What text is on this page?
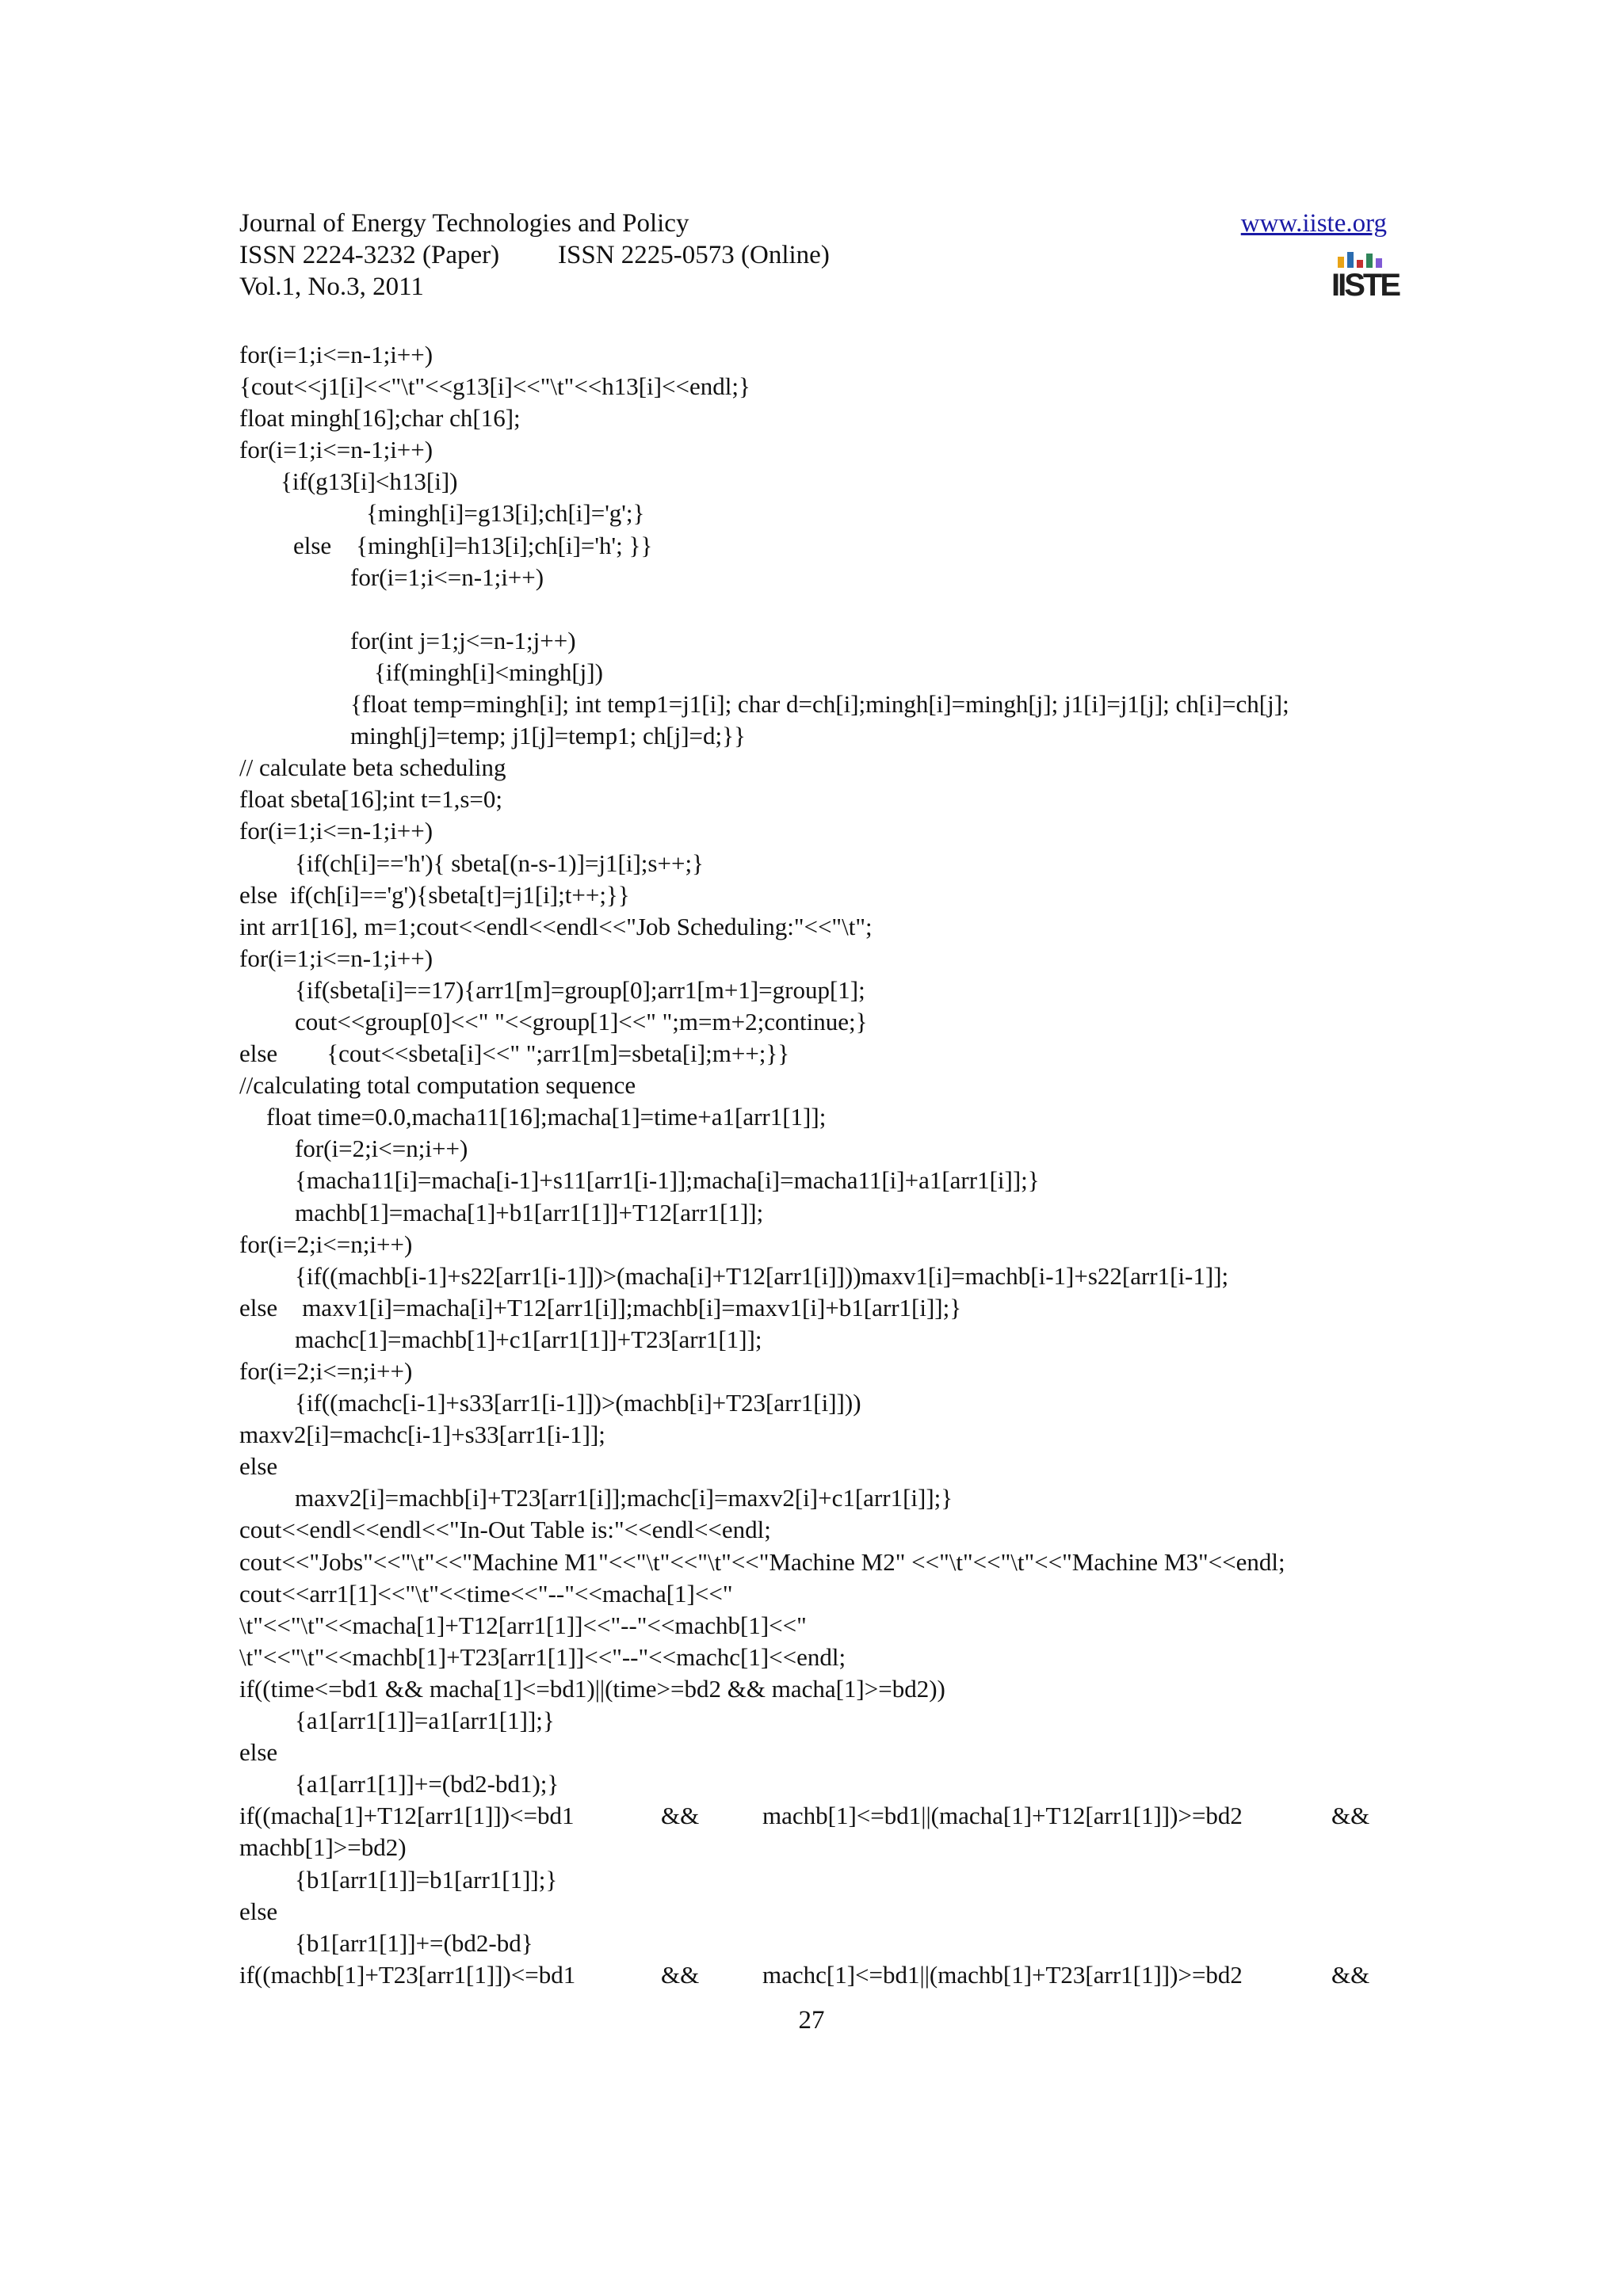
Journal of Energy Technologies and Policy
ISSN 2224-3232 (Paper) ISSN 2225-0573 (Online)
Vol.1, No.3, 2011
www.iiste.org
IISTE
for(i=1;i<=n-1;i++)
{cout<<j1[i]<<"\t"<<g13[i]<<"\t"<<h13[i]<<endl;}
float mingh[16];char ch[16];
for(i=1;i<=n-1;i++)
{if(g13[i]<h13[i])
{mingh[i]=g13[i];ch[i]='g';}
else    {mingh[i]=h13[i];ch[i]='h'; }}
for(i=1;i<=n-1;i++)
for(int j=1;j<=n-1;j++)
{if(mingh[i]<mingh[j])
{float temp=mingh[i]; int temp1=j1[i]; char d=ch[i];mingh[i]=mingh[j]; j1[i]=j1[j]; ch[i]=ch[j];
mingh[j]=temp; j1[j]=temp1; ch[j]=d;}}
// calculate beta scheduling
float sbeta[16];int t=1,s=0;
for(i=1;i<=n-1;i++)
{if(ch[i]=='h'){ sbeta[(n-s-1)]=j1[i];s++;}
else  if(ch[i]=='g'){sbeta[t]=j1[i];t++;}}
int arr1[16], m=1;cout<<endl<<endl<<"Job Scheduling:"<<"\t";
for(i=1;i<=n-1;i++)
{if(sbeta[i]==17){arr1[m]=group[0];arr1[m+1]=group[1];
cout<<group[0]<<" "<<group[1]<<" ";m=m+2;continue;}
else        {cout<<sbeta[i]<<" ";arr1[m]=sbeta[i];m++;}}
//calculating total computation sequence
float time=0.0,macha11[16];macha[1]=time+a1[arr1[1]];
for(i=2;i<=n;i++)
{macha11[i]=macha[i-1]+s11[arr1[i-1]];macha[i]=macha11[i]+a1[arr1[i]];}
machb[1]=macha[1]+b1[arr1[1]]+T12[arr1[1]];
for(i=2;i<=n;i++)
{if((machb[i-1]+s22[arr1[i-1]])>(macha[i]+T12[arr1[i]]))maxv1[i]=machb[i-1]+s22[arr1[i-1]];
else    maxv1[i]=macha[i]+T12[arr1[i]];machb[i]=maxv1[i]+b1[arr1[i]];}
machc[1]=machb[1]+c1[arr1[1]]+T23[arr1[1]];
for(i=2;i<=n;i++)
{if((machc[i-1]+s33[arr1[i-1]])>(machb[i]+T23[arr1[i]]))
maxv2[i]=machc[i-1]+s33[arr1[i-1]];
else
maxv2[i]=machb[i]+T23[arr1[i]];machc[i]=maxv2[i]+c1[arr1[i]];}
cout<<endl<<endl<<"In-Out Table is:"<<endl<<endl;
cout<<"Jobs"<<"\t"<<"Machine M1"<<"\t"<<"\t"<<"Machine M2" <<"\t"<<"\t"<<"Machine M3"<<endl;
cout<<arr1[1]<<"\t"<<time<<"--"<<macha[1]<<"
\t"<<"\t"<<macha[1]+T12[arr1[1]]<<"--"<<machb[1]<<"
\t"<<"\t"<<machb[1]+T23[arr1[1]]<<"--"<<machc[1]<<endl;
if((time<=bd1 && macha[1]<=bd1)||(time>=bd2 && macha[1]>=bd2))
{a1[arr1[1]]=a1[arr1[1]];}
else
{a1[arr1[1]]+=(bd2-bd1);}
if((macha[1]+T12[arr1[1]])<=bd1	&&	machb[1]<=bd1||(macha[1]+T12[arr1[1]])>=bd2	&&
machb[1]>=bd2)
{b1[arr1[1]]=b1[arr1[1]];}
else
{b1[arr1[1]]+=(bd2-bd}
if((machb[1]+T23[arr1[1]])<=bd1	&&	machc[1]<=bd1||(machb[1]+T23[arr1[1]])>=bd2	&&
27
